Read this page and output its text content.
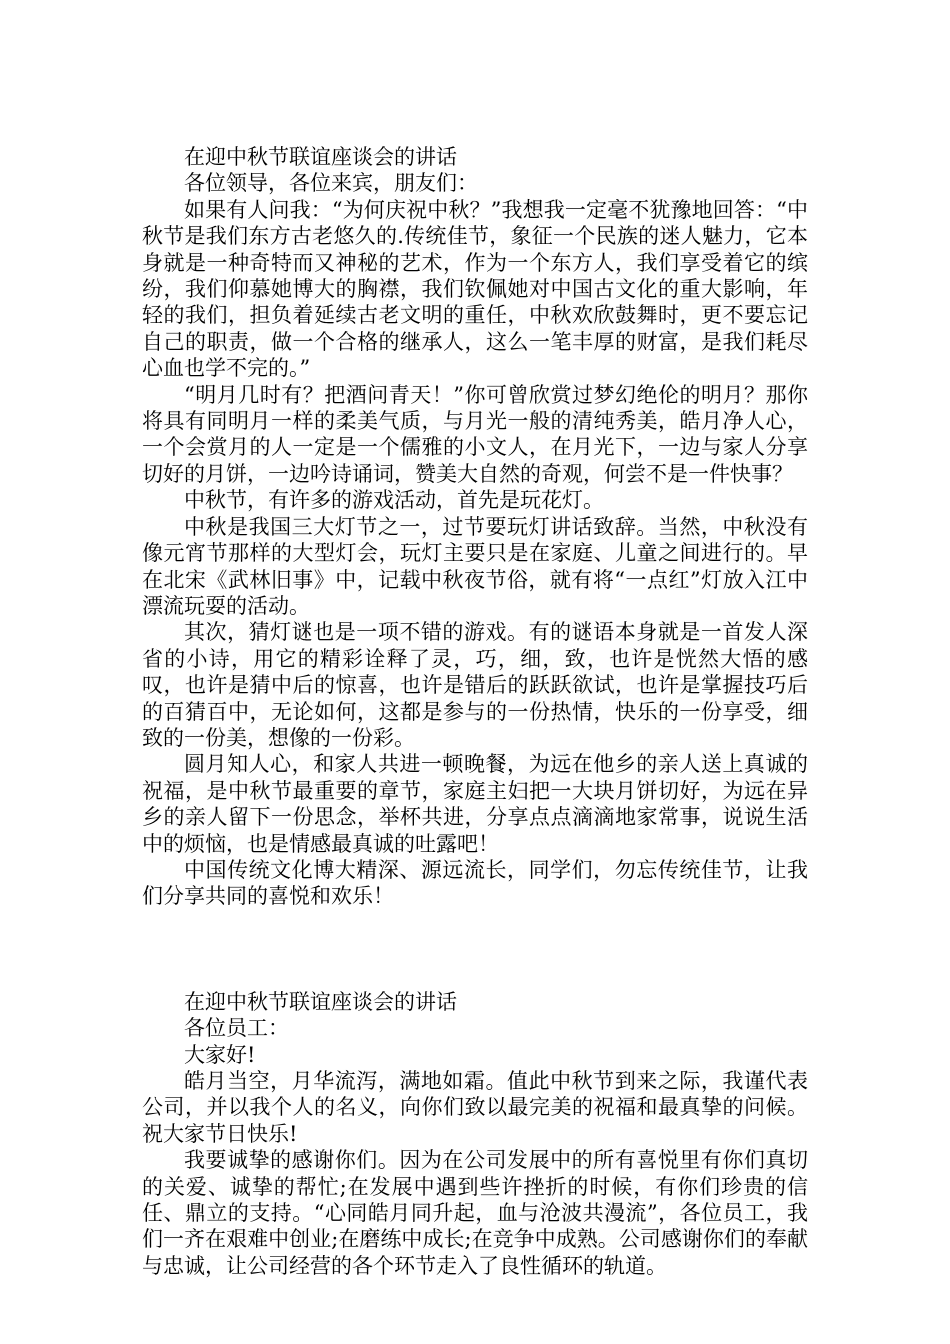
在迎中秋节联谊座谈会的讲话

各位领导，各位来宾，朋友们：

如果有人问我：“为何庆祝中秋？”我想我一定毫不犹豫地回答：“中秋节是我们东方古老悠久的.传统佳节，象征一个民族的迷人魅力，它本身就是一种奇特而又神秘的艺术，作为一个东方人，我们享受着它的缤纷，我们仰慕她博大的胸襟，我们钦佩她对中国古文化的重大影响，年轻的我们，担负着延续古老文明的重任，中秋欢欣鼓舞时，更不要忘记自己的职责，做一个合格的继承人，这么一笔丰厚的财富，是我们耗尽心血也学不完的。”

“明月几时有？把酒问青天！”你可曾欣赏过梦幻绝伦的明月？那你将具有同明月一样的柔美气质，与月光一般的清纯秀美，皓月净人心，一个会赏月的人一定是一个儒雅的小文人，在月光下，一边与家人分享切好的月饼，一边吟诗诵词，赞美大自然的奇观，何尝不是一件快事？

中秋节，有许多的游戏活动，首先是玩花灯。

中秋是我国三大灯节之一，过节要玩灯讲话致辞。当然，中秋没有像元宵节那样的大型灯会，玩灯主要只是在家庭、儿童之间进行的。早在北宋《武林旧事》中，记载中秋夜节俗，就有将“一点红”灯放入江中漂流玩耍的活动。

其次，猜灯谜也是一项不错的游戏。有的谜语本身就是一首发人深省的小诗，用它的精彩诠释了灵，巧，细，致，也许是恍然大悟的感叹，也许是猜中后的惊喜，也许是错后的跃跃欲试，也许是掌握技巧后的百猜百中，无论如何，这都是参与的一份热情，快乐的一份享受，细致的一份美，想像的一份彩。

圆月知人心，和家人共进一顿晚餐，为远在他乡的亲人送上真诚的祝福，是中秋节最重要的章节，家庭主妇把一大块月饼切好，为远在异乡的亲人留下一份思念，举杯共进，分享点点滴滴地家常事，说说生活中的烦恼，也是情感最真诚的吐露吧！

中国传统文化博大精深、源远流长，同学们，勿忘传统佳节，让我们分享共同的喜悦和欢乐！

在迎中秋节联谊座谈会的讲话

各位员工：

大家好!

皓月当空，月华流泻，满地如霜。值此中秋节到来之际，我谨代表公司，并以我个人的名义，向你们致以最完美的祝福和最真挚的问候。祝大家节日快乐!

我要诚挚的感谢你们。因为在公司发展中的所有喜悦里有你们真切的关爱、诚挚的帮忙;在发展中遇到些许挫折的时候，有你们珍贵的信任、鼎立的支持。“心同皓月同升起，血与沧波共漫流”，各位员工，我们一齐在艰难中创业;在磨练中成长;在竞争中成熟。公司感谢你们的奉献与忠诚，让公司经营的各个环节走入了良性循环的轨道。
